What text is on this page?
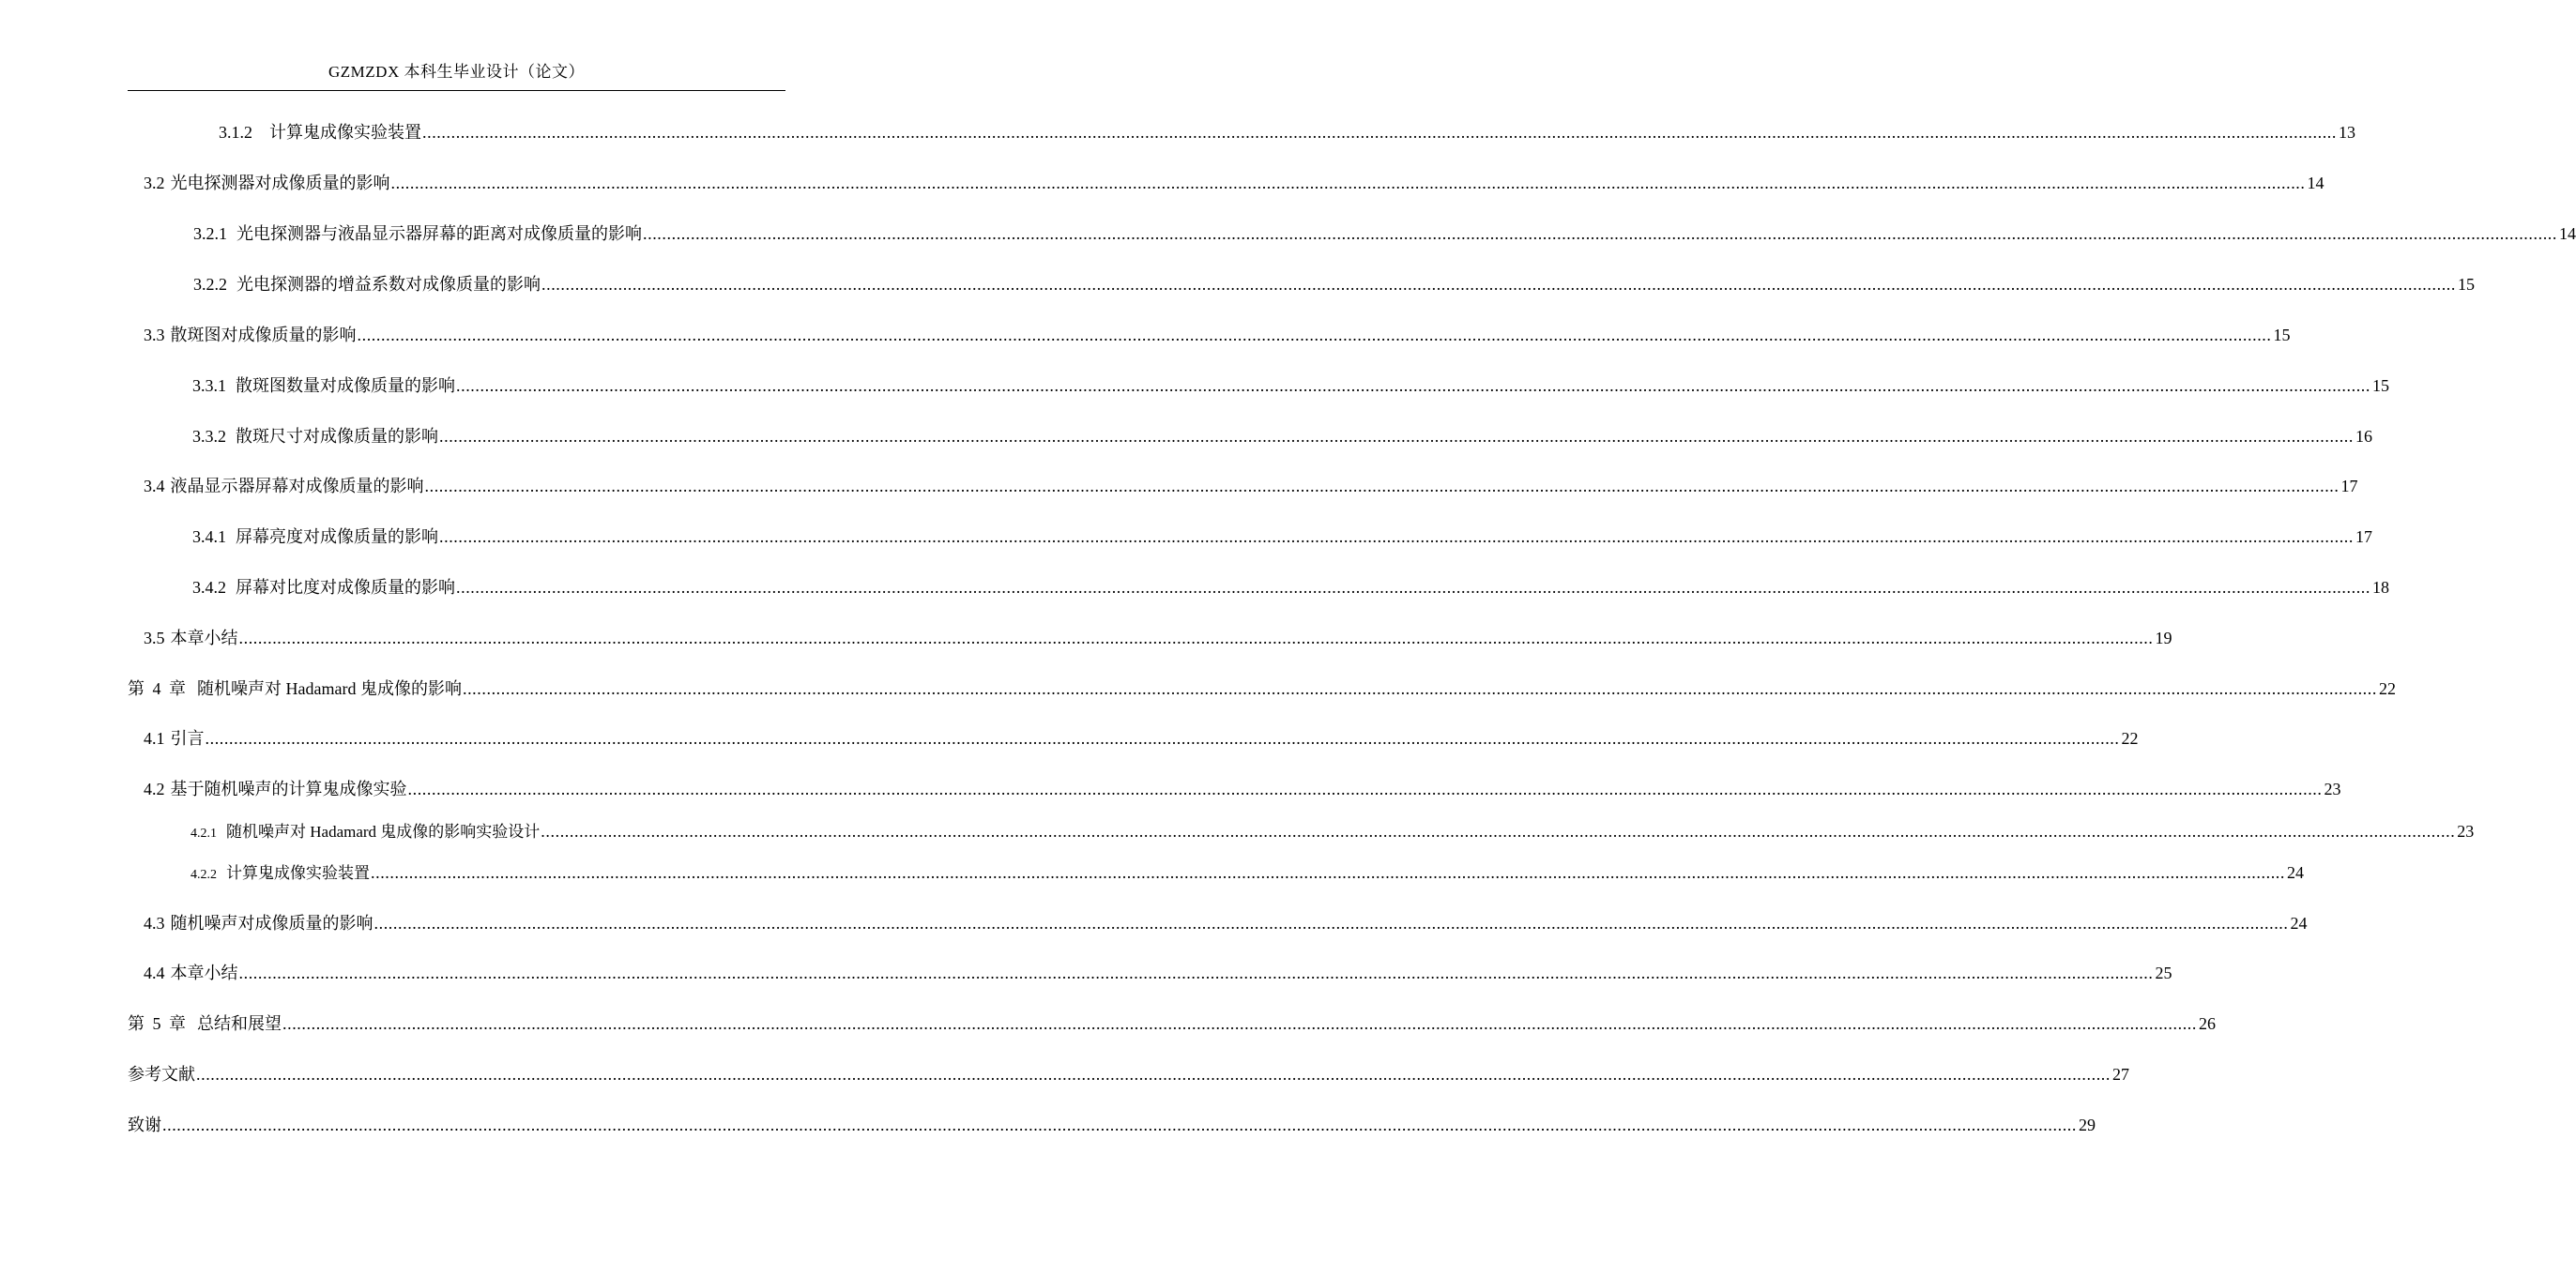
GZMZDX 本科生毕业设计（论文）
3.1.2	计算鬼成像实验装置 ................................................................................................................................................................................................................................................................................................................................................................................................................ 13
3.2 光电探测器对成像质量的影响 ................................................................................................................................................................................................................................................................................................................................................................................................................ 14
3.2.1 光电探测器与液晶显示器屏幕的距离对成像质量的影响 ................................................................................................................................................................................................................................................................................................................................................................................................................ 14
3.2.2 光电探测器的增益系数对成像质量的影响 ................................................................................................................................................................................................................................................................................................................................................................................................................ 15
3.3 散斑图对成像质量的影响 ................................................................................................................................................................................................................................................................................................................................................................................................................ 15
3.3.1 散斑图数量对成像质量的影响 ................................................................................................................................................................................................................................................................................................................................................................................................................ 15
3.3.2 散斑尺寸对成像质量的影响 ................................................................................................................................................................................................................................................................................................................................................................................................................ 16
3.4 液晶显示器屏幕对成像质量的影响 ................................................................................................................................................................................................................................................................................................................................................................................................................ 17
3.4.1 屏幕亮度对成像质量的影响 ................................................................................................................................................................................................................................................................................................................................................................................................................ 17
3.4.2 屏幕对比度对成像质量的影响 ................................................................................................................................................................................................................................................................................................................................................................................................................ 18
3.5 本章小结 ................................................................................................................................................................................................................................................................................................................................................................................................................ 19
第 4 章 随机噪声对 Hadamard 鬼成像的影响 ................................................................................................................................................................................................................................................................................................................................................................................................................ 22
4.1 引言 ................................................................................................................................................................................................................................................................................................................................................................................................................ 22
4.2 基于随机噪声的计算鬼成像实验 ................................................................................................................................................................................................................................................................................................................................................................................................................ 23
4.2.1 随机噪声对 Hadamard 鬼成像的影响实验设计 ................................................................................................................................................................................................................................................................................................................................................................................................................ 23
4.2.2 计算鬼成像实验装置 ................................................................................................................................................................................................................................................................................................................................................................................................................ 24
4.3 随机噪声对成像质量的影响 ................................................................................................................................................................................................................................................................................................................................................................................................................ 24
4.4 本章小结 ................................................................................................................................................................................................................................................................................................................................................................................................................ 25
第 5 章 总结和展望 ................................................................................................................................................................................................................................................................................................................................................................................................................ 26
参考文献 ................................................................................................................................................................................................................................................................................................................................................................................................................ 27
致谢 ................................................................................................................................................................................................................................................................................................................................................................................................................ 29
